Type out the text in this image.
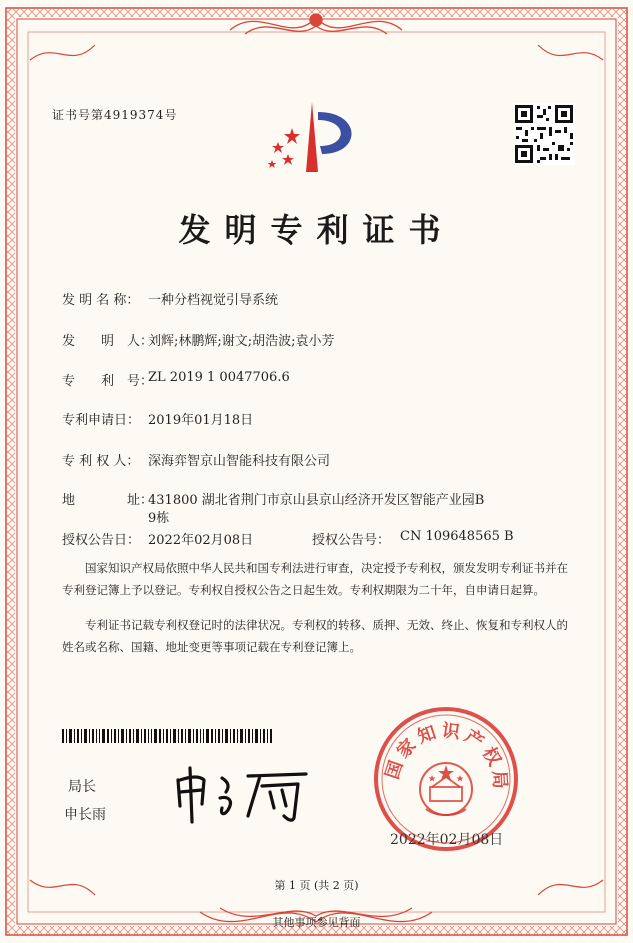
证书号第4919374号
发明专利证书
发 明 名 称： 一种分档视觉引导系统
发　　明　人：
刘辉;林鹏辉;谢文;胡浩波;袁小芳
专　　利　号：
ZL 2019 1 0047706.6
专利申请日： 2019年01月18日
专 利 权 人： 深海弈智京山智能科技有限公司
地　　　　址：
431800 湖北省荆门市京山县京山经济开发区智能产业园B
9栋
授权公告日： 2022年02月08日	授权公告号： CN 109648565 B
国家知识产权局依照中华人民共和国专利法进行审查，决定授予专利权，颁发发明专利证书并在专利登记簿上予以登记。专利权自授权公告之日起生效。专利权期限为二十年，自申请日起算。
专利证书记载专利权登记时的法律状况。专利权的转移、质押、无效、终止、恢复和专利权人的姓名或名称、国籍、地址变更等事项记载在专利登记簿上。
局长
申长雨
国家知识产权局
2022年02月08日
第 1 页 (共 2 页)
其他事项参见背面
